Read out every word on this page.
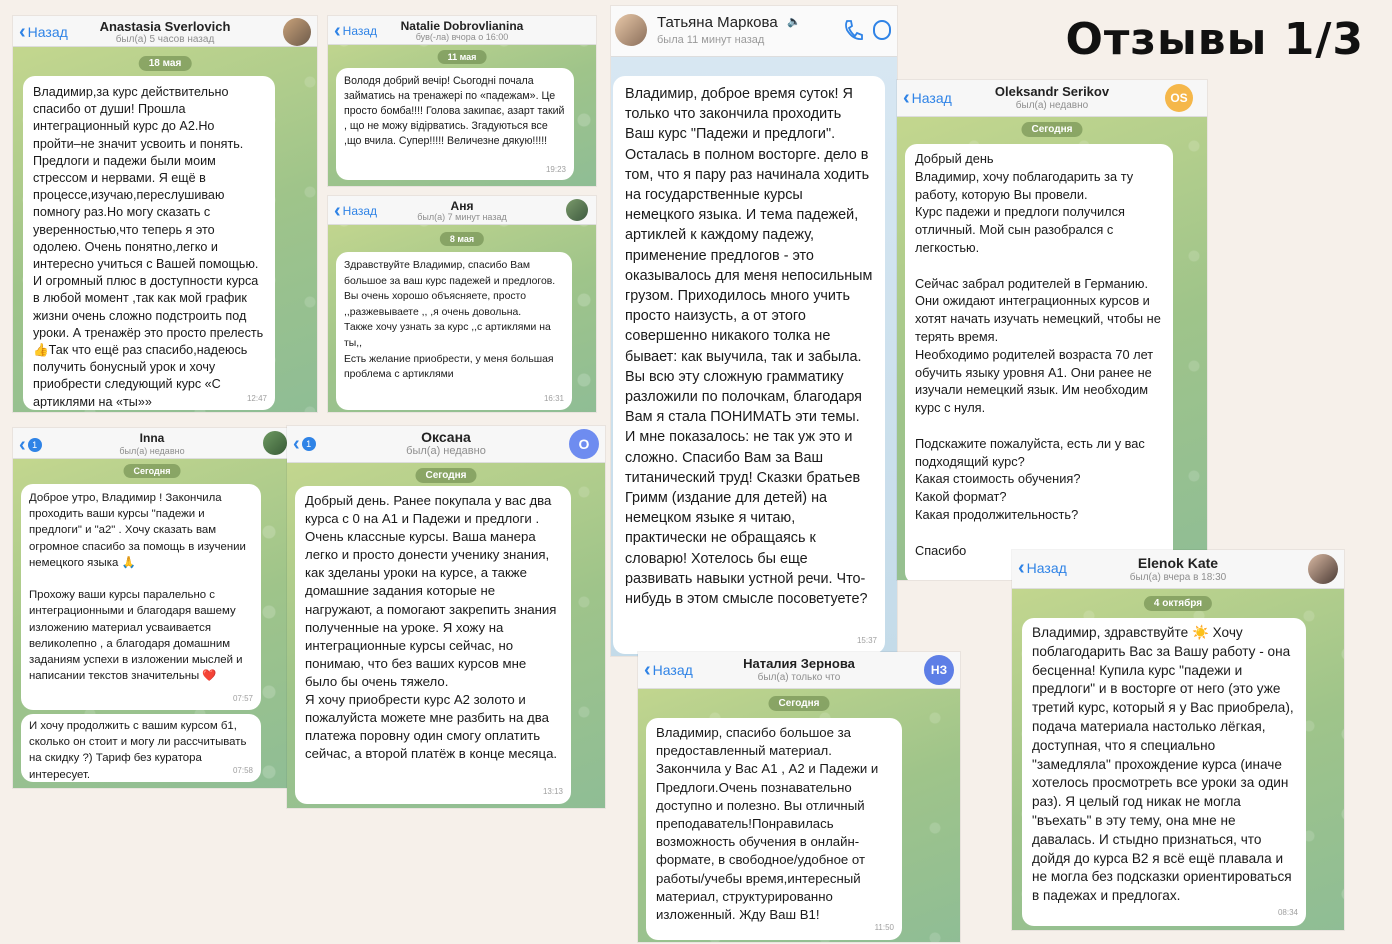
Отзывы 1/3
‹ Назад	Anastasia Sverlovich
был(а) 5 часов назад
18 мая

Владимир,за курс действительно спасибо от души! Прошла интеграционный курс до А2.Но пройти–не значит усвоить и понять. Предлоги и падежи были моим стрессом и нервами. Я ещё в процессе,изучаю,переслушиваю помногу раз.Но могу сказать с уверенностью,что теперь я это одолею. Очень понятно,легко и интересно учиться с Вашей помощью. И огромный плюс в доступности курса в любой момент ,так как мой график жизни очень сложно подстроить под уроки. А тренажёр это просто прелесть 👍Так что ещё раз спасибо,надеюсь получить бонусный урок и хочу приобрести следующий курс «С артиклями на «ты»»	12:47
‹ Назад	Natalie Dobrovlianina
був(-ла) вчора о 16:00
11 мая

Володя добрий вечір! Сьогодні почала займатись на тренажері по «падежам». Це просто бомба!!!! Голова закипає, азарт такий , що не можу відірватись. Згадуються все ,що вчила. Супер!!!!! Величезне дякую!!!!!

19:23
‹ Назад	Аня
был(а) 7 минут назад
8 мая

Здравствуйте Владимир, спасибо Вам большое за ваш курс падежей и предлогов.
Вы очень хорошо объясняете, просто ,,разжевываете ,, ,я очень довольна.
Также хочу узнать за курс ,,с артиклями на ты,,
Есть желание приобрести, у меня большая проблема с артиклями

16:31
Татьяна Маркова 🔈
была 11 минут назад

Владимир, доброе время суток! Я только что закончила проходить Ваш курс "Падежи и предлоги". Осталась в полном восторге. дело в том, что я пару раз начинала ходить на государственные курсы немецкого языка. И тема падежей, артиклей к каждому падежу, применение предлогов - это оказывалось для меня непосильным грузом. Приходилось много учить просто наизусть, а от этого совершенно никакого толка не бывает: как выучила, так и забыла. Вы всю эту сложную грамматику разложили по полочкам, благодаря Вам я стала ПОНИМАТЬ эти темы. И мне показалось: не так уж это и сложно. Спасибо Вам за Ваш титанический труд! Сказки братьев Гримм (издание для детей) на немецком языке я читаю, практически не обращаясь к словарю! Хотелось бы еще развивать навыки устной речи. Что-нибудь в этом смысле посоветуете?

15:37
‹ Назад	Oleksandr Serikov
был(а) недавно
OS
Сегодня

Добрый день
Владимир, хочу поблагодарить за ту работу, которую Вы провели.
Курс падежи и предлоги получился отличный. Мой сын разобрался с легкостью.

Сейчас забрал родителей в Германию. Они ожидают интеграционных курсов и хотят начать изучать немецкий, чтобы не терять время.
Необходимо родителей возраста 70 лет обучить языку уровня А1. Они ранее не изучали немецкий язык. Им необходим курс с нуля.

Подскажите пожалуйста, есть ли у вас подходящий курс?
Какая стоимость обучения?
Какой формат?
Какая продолжительность?

Спасибо

‹ 1	Inna
был(а) недавно
Сегодня

Доброе утро, Владимир ! Закончила проходить ваши курсы "падежи и предлоги" и "а2" . Хочу сказать вам огромное спасибо за помощь в изучении немецкого языка 🙏

Прохожу ваши курсы паралельно с интеграционными и благодаря вашему изложению материал усваивается великолепно , а благодаря домашним заданиям успехи в изложении мыслей и написании текстов значительны ❤️

07:57

И хочу продолжить с вашим курсом б1, сколько он стоит и могу ли рассчитывать на скидку ?) Тариф без куратора интересует.	07:58
‹ 1	Оксана
был(а) недавно	О
Сегодня

Добрый день. Ранее покупала у вас два курса с 0 на А1 и Падежи и предлоги . Очень классные курсы. Ваша манера легко и просто донести ученику знания, как зделаны уроки на курсе, а также домашние задания которые не нагружают, а помогают закрепить знания полученные на уроке. Я хожу на интеграционные курсы сейчас, но понимаю, что без ваших курсов мне было бы очень тяжело.
Я хочу приобрести курс А2 золото и пожалуйста можете мне разбить на два платежа поровну один смогу оплатить сейчас, а второй платёж в конце месяца.

13:13
‹ Назад	Наталия Зернова
был(а) только что
НЗ
Сегодня

Владимир, спасибо большое за предоставленный материал. Закончила у Вас А1 , А2 и Падежи и Предлоги.Очень познавательно доступно и полезно. Вы отличный преподаватель!Понравилась возможность обучения в онлайн-формате, в свободное/удобное от работы/учебы время,интересный материал, структурированно изложенный. Жду Ваш В1!

11:50
‹ Назад	Elenok Kate
был(а) вчера в 18:30
4 октября

Владимир, здравствуйте ☀️ Хочу поблагодарить Вас за Вашу работу - она бесценна! Купила курс "падежи и предлоги" и в восторге от него (это уже третий курс, который я у Вас приобрела), подача материала настолько лёгкая, доступная, что я специально "замедляла" прохождение курса (иначе хотелось просмотреть все уроки за один раз). Я целый год никак не могла "въехать" в эту тему, она мне не давалась. И стыдно признаться, что дойдя до курса В2 я всё ещё плавала и не могла без подсказки ориентироваться в падежах и предлогах.

08:34
